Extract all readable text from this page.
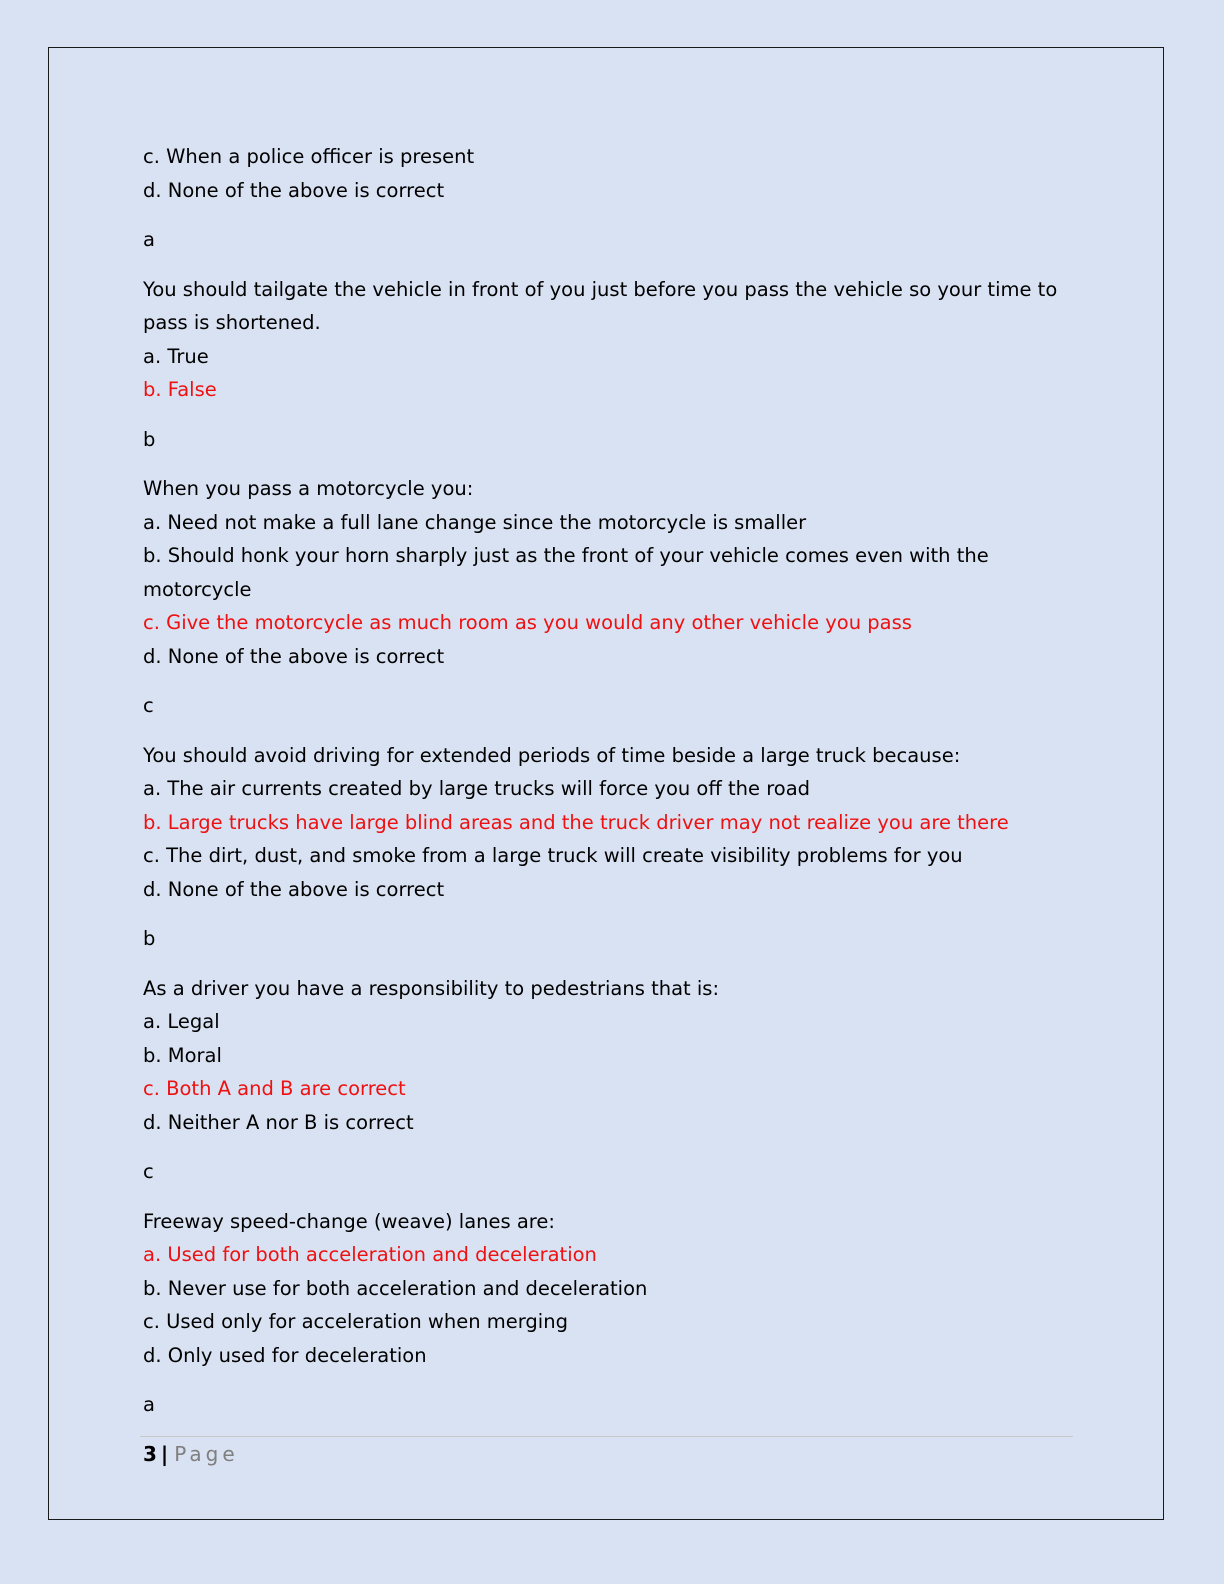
c. When a police officer is present
d. None of the above is correct
a
You should tailgate the vehicle in front of you just before you pass the vehicle so your time to pass is shortened.
a. True
b. False
b
When you pass a motorcycle you:
a. Need not make a full lane change since the motorcycle is smaller
b. Should honk your horn sharply just as the front of your vehicle comes even with the motorcycle
c. Give the motorcycle as much room as you would any other vehicle you pass
d. None of the above is correct
c
You should avoid driving for extended periods of time beside a large truck because:
a. The air currents created by large trucks will force you off the road
b. Large trucks have large blind areas and the truck driver may not realize you are there
c. The dirt, dust, and smoke from a large truck will create visibility problems for you
d. None of the above is correct
b
As a driver you have a responsibility to pedestrians that is:
a. Legal
b. Moral
c. Both A and B are correct
d. Neither A nor B is correct
c
Freeway speed-change (weave) lanes are:
a. Used for both acceleration and deceleration
b. Never use for both acceleration and deceleration
c. Used only for acceleration when merging
d. Only used for deceleration
a
3 | Page
